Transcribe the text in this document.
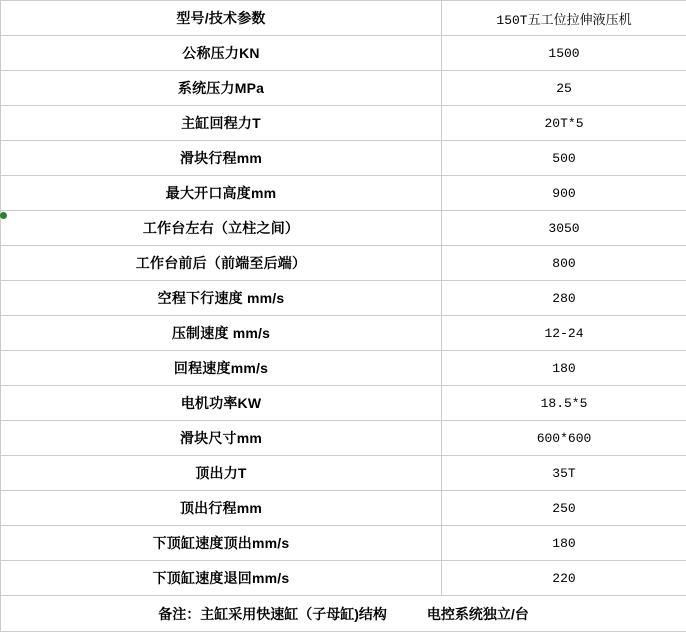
型号/技术参数	150T五工位拉伸液压机
公称压力KN	1500
系统压力MPa	25
主缸回程力T	20T*5
滑块行程mm	500
最大开口高度mm	900
工作台左右（立柱之间）	3050
工作台前后（前端至后端）	800
空程下行速度 mm/s	280
压制速度 mm/s	12-24
回程速度mm/s	180
电机功率KW	18.5*5
滑块尺寸mm	600*600
顶出力T	35T
顶出行程mm	250
下顶缸速度顶出mm/s	180
下顶缸速度退回mm/s	220

备注：主缸采用快速缸（子母缸)结构 电控系统独立/台	
